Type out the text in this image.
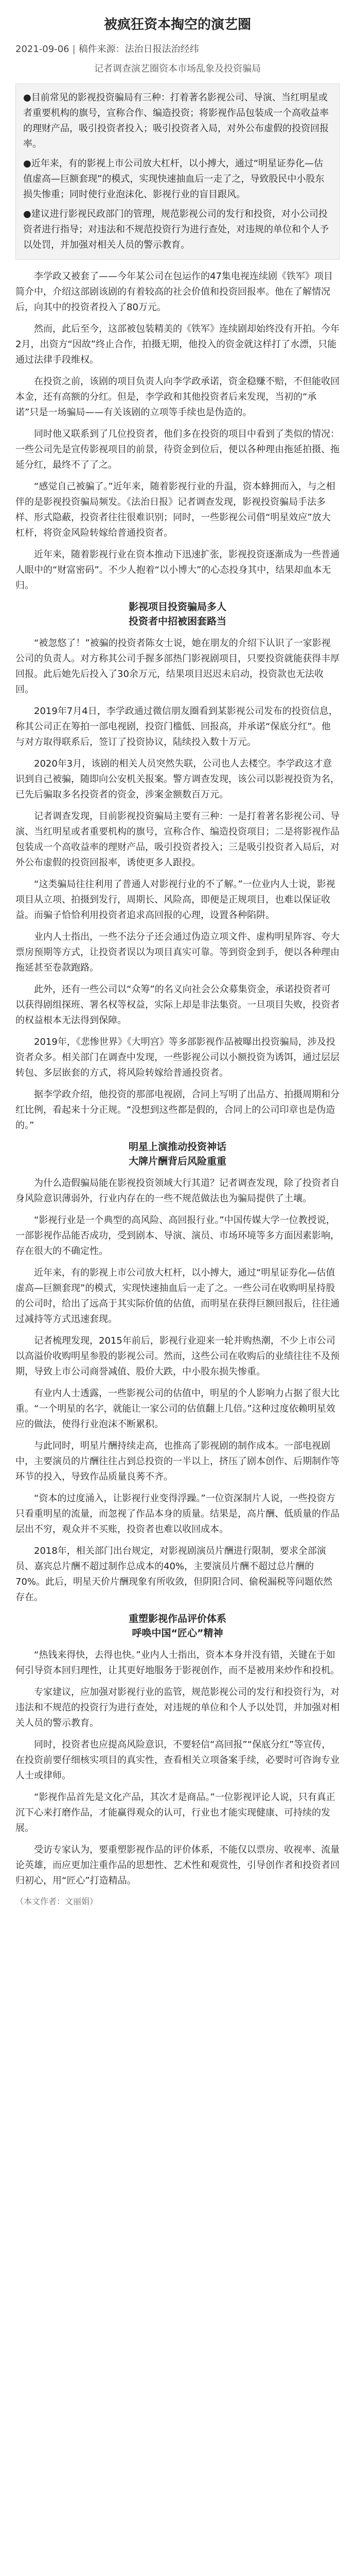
被疯狂资本掏空的演艺圈
2021-09-06 | 稿件来源：法治日报法治经纬
记者调查演艺圈资本市场乱象及投资骗局

●目前常见的影视投资骗局有三种：打着著名影视公司、导演、当红明星或者重要机构的旗号，宣称合作、编造投资；将影视作品包装成一个高收益率的理财产品，吸引投资者投入；吸引投资者入局，对外公布虚假的投资回报率。

●近年来，有的影视上市公司放大杠杆，以小搏大，通过“明星证券化—估值虚高—巨额套现”的模式，实现快速抽血后一走了之，导致股民中小股东损失惨重；同时使行业泡沫化、影视行业的盲目跟风。

●建议进行影视民政部门的管理，规范影视公司的发行和投资，对小公司投资者进行指导；对违法和不规范投资行为进行查处，对违规的单位和个人予以处罚，并加强对相关人员的警示教育。

李学政又被套了——今年某公司在包运作的47集电视连续剧《铁军》项目简介中，介绍这部剧该剧的有着较高的社会价值和投资回报率。他在了解情况后，向其中的投资者投入了80万元。

然而，此后至今，这部被包装精美的《铁军》连续剧却始终没有开拍。今年2月，出资方“因故”终止合作，拍摄无期，他投入的资金就这样打了水漂，只能通过法律手段维权。

在投资之前，该剧的项目负责人向李学政承诺，资金稳赚不赔，不但能收回本金，还有高额的分红。但是，李学政和其他投资者后来发现，当初的“承诺”只是一场骗局——有关该剧的立项等手续也是伪造的。

同时他又联系到了几位投资者，他们多在投资的项目中看到了类似的情况：一些公司先是宣传影视项目的前景，待资金到位后，便以各种理由拖延拍摄、拖延分红，最终不了了之。

“感觉自己被骗了。”近年来，随着影视行业的升温，资本蜂拥而入，与之相伴的是影视投资骗局频发。《法治日报》记者调查发现，影视投资骗局手法多样、形式隐蔽，投资者往往很难识别；同时，一些影视公司借“明星效应”放大杠杆，将资金风险转嫁给普通投资者。

近年来，随着影视行业在资本推动下迅速扩张，影视投资逐渐成为一些普通人眼中的“财富密码”。不少人抱着“以小博大”的心态投身其中，结果却血本无归。

影视项目投资骗局多人
投资者中招被困套路当

“被忽悠了！”被骗的投资者陈女士说，她在朋友的介绍下认识了一家影视公司的负责人。对方称其公司手握多部热门影视剧项目，只要投资就能获得丰厚回报。此后她先后投入了30余万元，结果项目迟迟未启动，投资款也无法收回。

2019年7月4日，李学政通过微信朋友圈看到某影视公司发布的投资信息，称其公司正在筹拍一部电视剧，投资门槛低、回报高，并承诺“保底分红”。他与对方取得联系后，签订了投资协议，陆续投入数十万元。

2020年3月，该剧的相关人员突然失联，公司也人去楼空。李学政这才意识到自己被骗，随即向公安机关报案。警方调查发现，该公司以影视投资为名，已先后骗取多名投资者的资金，涉案金额数百万元。

记者调查发现，目前影视投资骗局主要有三种：一是打着著名影视公司、导演、当红明星或者重要机构的旗号，宣称合作、编造投资项目；二是将影视作品包装成一个高收益率的理财产品，吸引投资者投入；三是吸引投资者入局后，对外公布虚假的投资回报率，诱使更多人跟投。

“这类骗局往往利用了普通人对影视行业的不了解。”一位业内人士说，影视项目从立项、拍摄到发行，周期长、风险高，即便是正规项目，也难以保证收益。而骗子恰恰利用投资者追求高回报的心理，设置各种陷阱。

业内人士指出，一些不法分子还会通过伪造立项文件、虚构明星阵容、夸大票房预期等方式，让投资者误以为项目真实可靠。等到资金到手，便以各种理由拖延甚至卷款跑路。

此外，还有一些公司以“众筹”的名义向社会公众募集资金，承诺投资者可以获得剧组探班、署名权等权益，实际上却是非法集资。一旦项目失败，投资者的权益根本无法得到保障。

2019年，《悲惨世界》《大明宫》等多部影视作品被曝出投资骗局，涉及投资者众多。相关部门在调查中发现，一些影视公司以小额投资为诱饵，通过层层转包、多层嵌套的方式，将风险转嫁给普通投资者。

据李学政介绍，他投资的那部电视剧，合同上写明了出品方、拍摄周期和分红比例，看起来十分正规。“没想到这些都是假的，合同上的公司印章也是伪造的。”

明星上演推动投资神话
大牌片酬背后风险重重

为什么造假骗局能在影视投资领域大行其道？记者调查发现，除了投资者自身风险意识薄弱外，行业内存在的一些不规范做法也为骗局提供了土壤。

“影视行业是一个典型的高风险、高回报行业。”中国传媒大学一位教授说，一部影视作品能否成功，受到剧本、导演、演员、市场环境等多方面因素影响，存在很大的不确定性。

近年来，有的影视上市公司放大杠杆，以小搏大，通过“明星证券化—估值虚高—巨额套现”的模式，实现快速抽血后一走了之。一些公司在收购明星持股的公司时，给出了远高于其实际价值的估值，而明星在获得巨额回报后，往往通过减持等方式迅速套现。

记者梳理发现，2015年前后，影视行业迎来一轮并购热潮，不少上市公司以高溢价收购明星参股的影视公司。然而，这些公司在收购后的业绩往往不及预期，导致上市公司商誉减值、股价大跌，中小股东损失惨重。

有业内人士透露，一些影视公司的估值中，明星的个人影响力占据了很大比重。“一个明星的名字，就能让一家公司的估值翻上几倍。”这种过度依赖明星效应的做法，使得行业泡沫不断累积。

与此同时，明星片酬持续走高，也推高了影视剧的制作成本。一部电视剧中，主要演员的片酬往往占到总投资的一半以上，挤压了剧本创作、后期制作等环节的投入，导致作品质量良莠不齐。

“资本的过度涌入，让影视行业变得浮躁。”一位资深制片人说，一些投资方只看重明星的流量，而忽视了作品本身的质量。结果是，高片酬、低质量的作品层出不穷，观众并不买账，投资者也难以收回成本。

2018年，相关部门出台规定，对影视剧演员片酬进行限制，要求全部演员、嘉宾总片酬不超过制作总成本的40%，主要演员片酬不超过总片酬的70%。此后，明星天价片酬现象有所收敛，但阴阳合同、偷税漏税等问题依然存在。

重塑影视作品评价体系
呼唤中国“匠心”精神

“热钱来得快，去得也快。”业内人士指出，资本本身并没有错，关键在于如何引导资本回归理性，让其更好地服务于影视创作，而不是被用来炒作和投机。

专家建议，应加强对影视行业的监管，规范影视公司的发行和投资行为，对违法和不规范的投资行为进行查处，对违规的单位和个人予以处罚，并加强对相关人员的警示教育。

同时，投资者也应提高风险意识，不要轻信“高回报”“保底分红”等宣传，在投资前要仔细核实项目的真实性，查看相关立项备案手续，必要时可咨询专业人士或律师。

“影视作品首先是文化产品，其次才是商品。”一位影视评论人说，只有真正沉下心来打磨作品，才能赢得观众的认可，行业也才能实现健康、可持续的发展。

受访专家认为，要重塑影视作品的评价体系，不能仅以票房、收视率、流量论英雄，而应更加注重作品的思想性、艺术性和观赏性，引导创作者和投资者回归初心，用“匠心”打造精品。

（本文作者：文丽娟）
